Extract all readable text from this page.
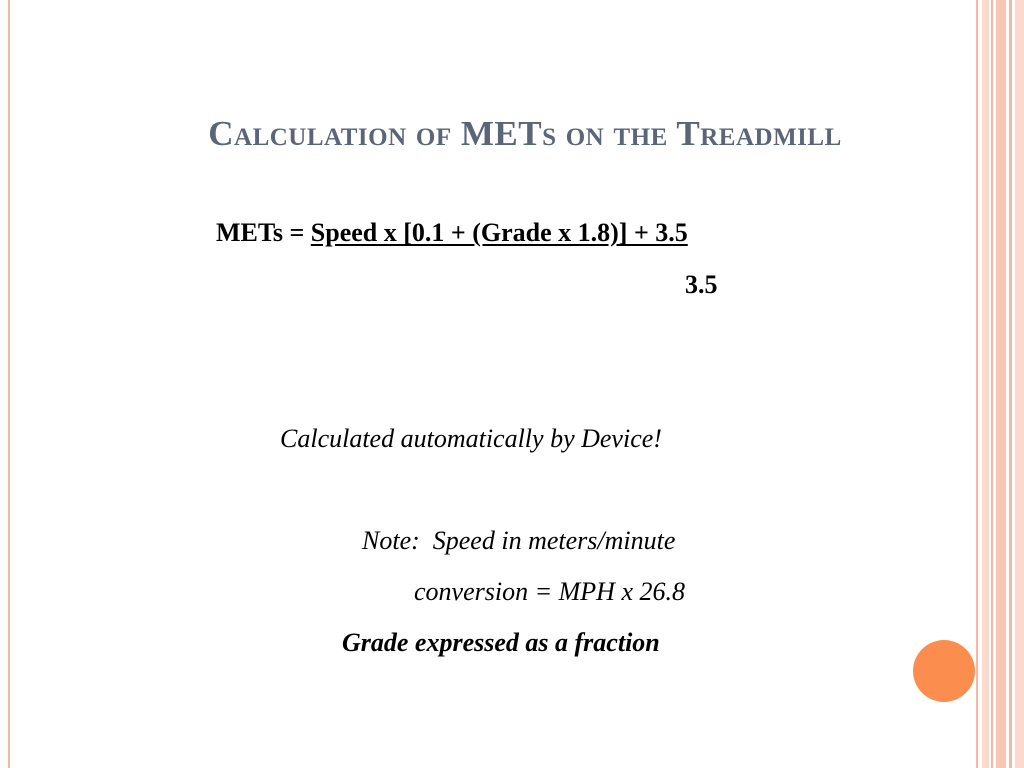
Calculation of METs on the Treadmill
METs = Speed x [0.1 + (Grade x 1.8)] + 3.5
3.5
Calculated automatically by Device!
Note:  Speed in meters/minute
conversion = MPH x 26.8
Grade expressed as a fraction
